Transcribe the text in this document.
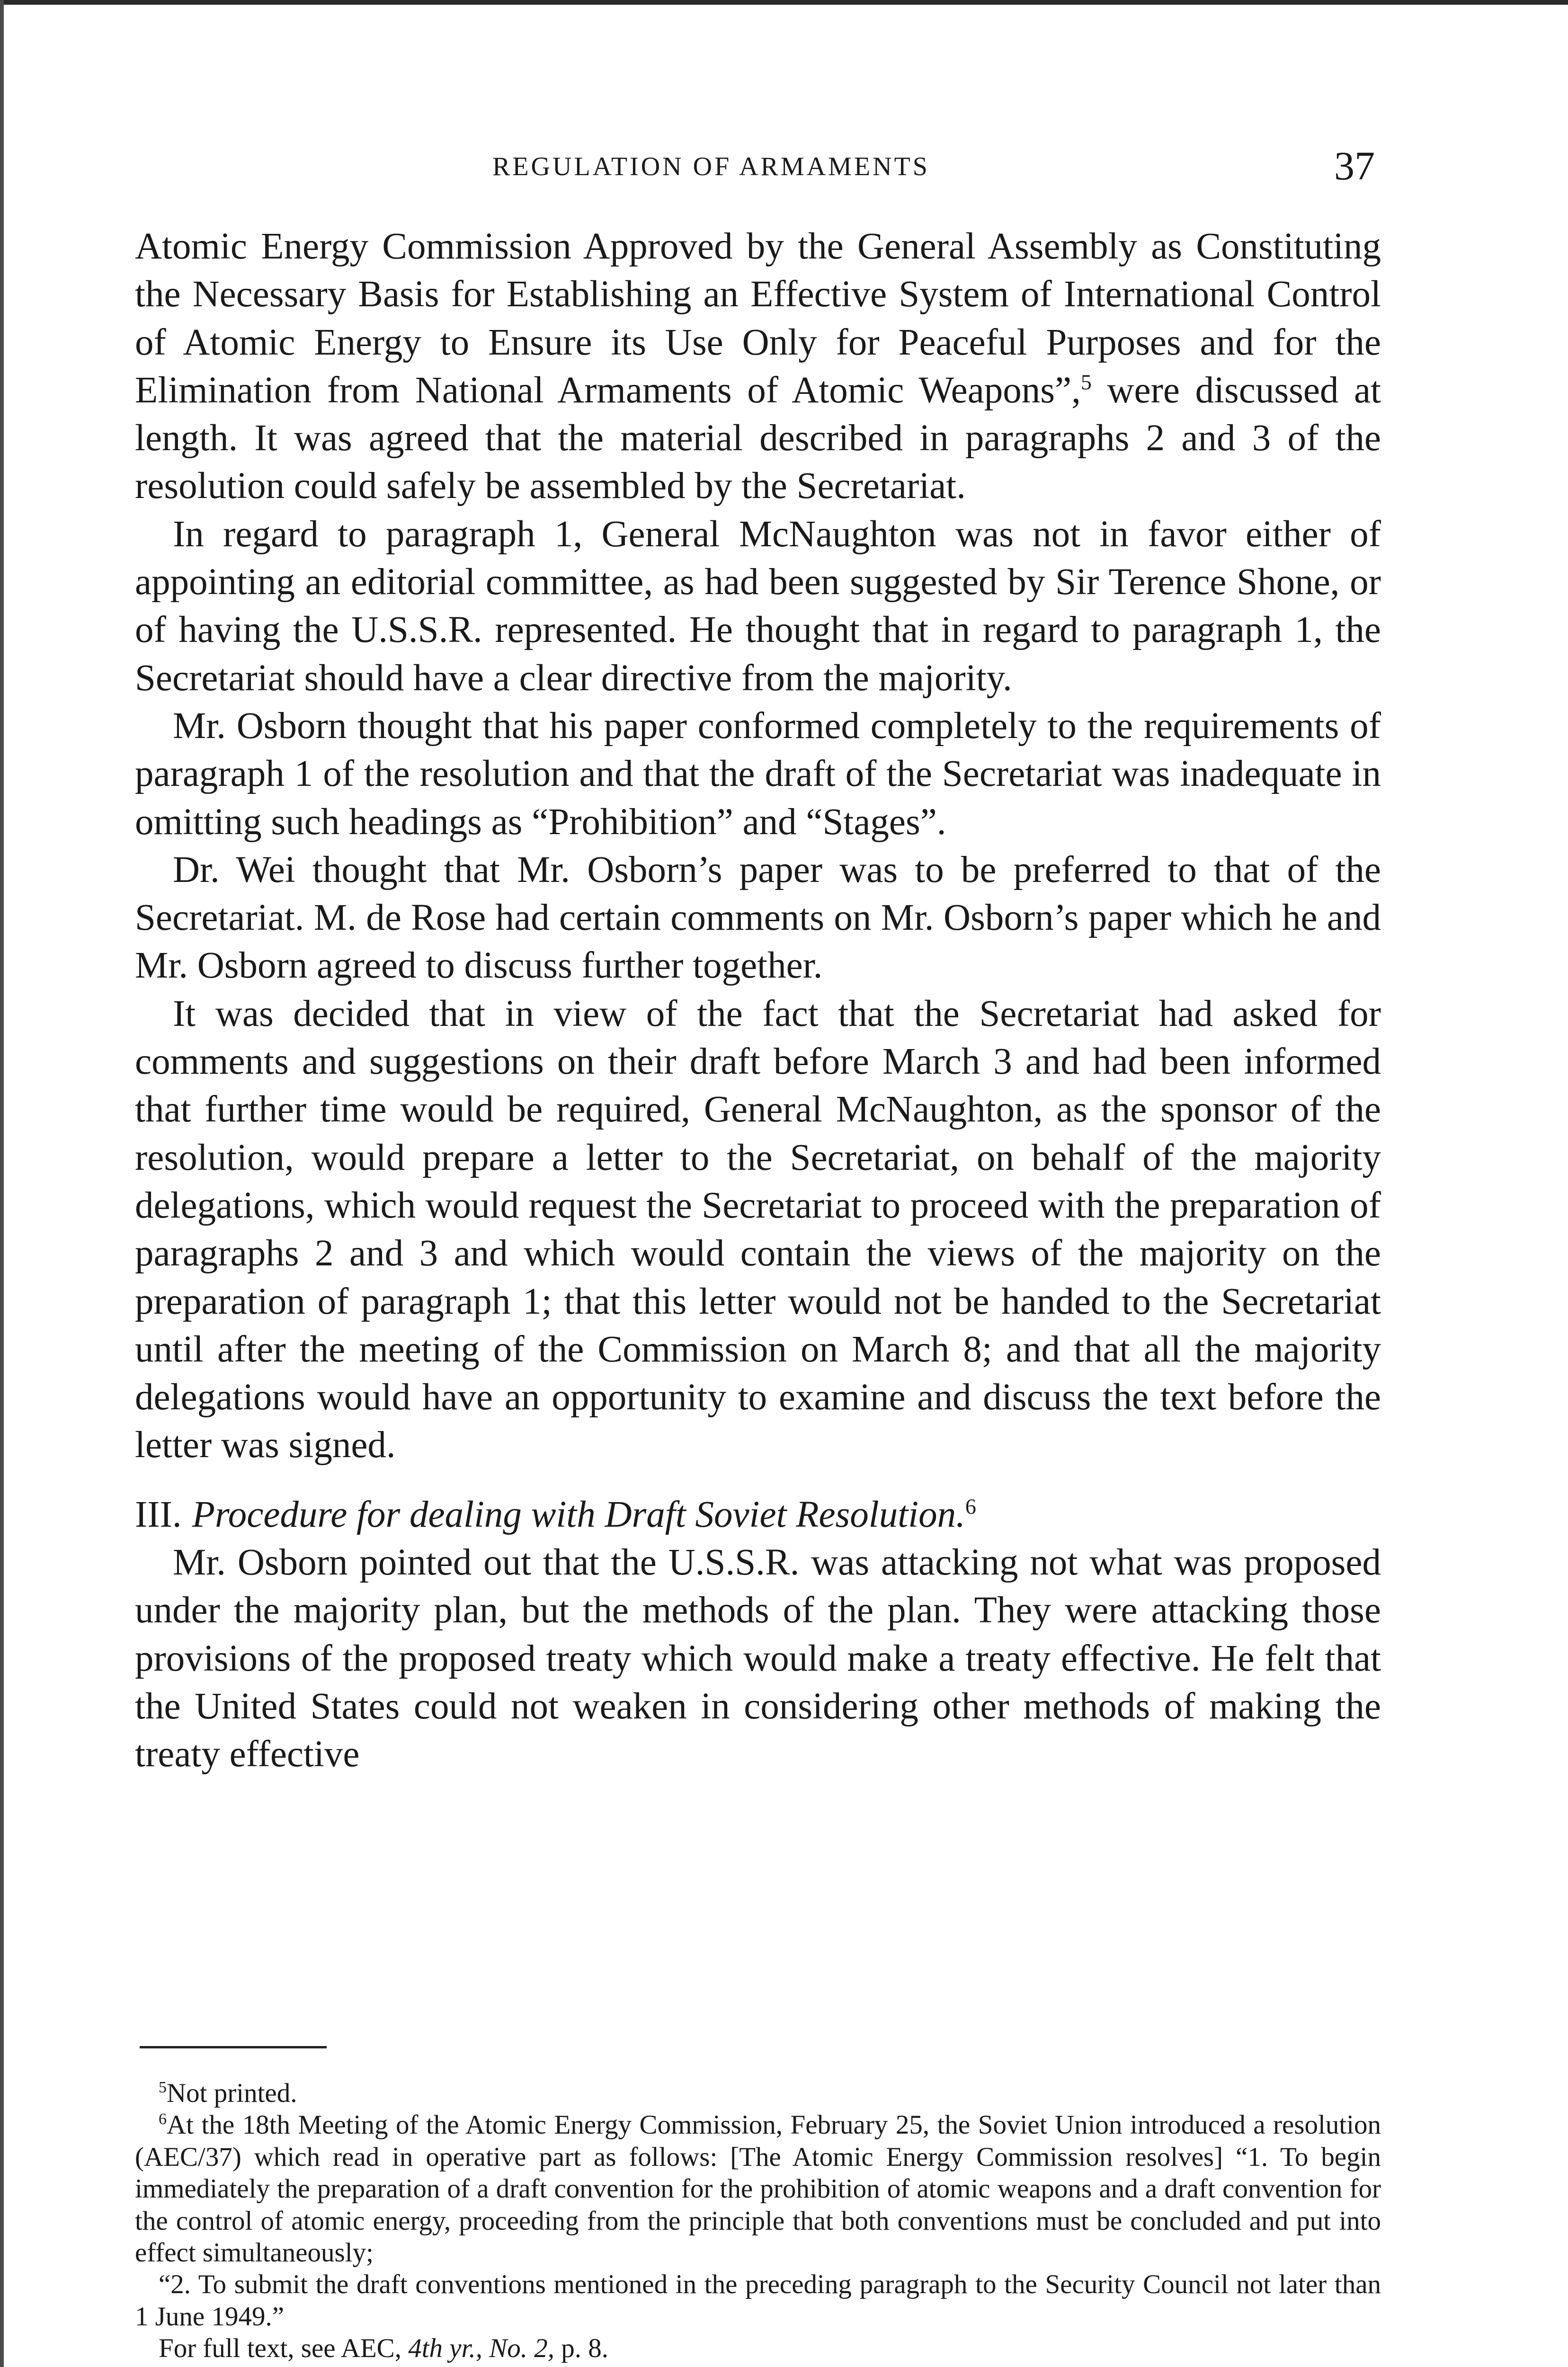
REGULATION OF ARMAMENTS	37

Atomic Energy Commission Approved by the General Assembly as Constituting the Necessary Basis for Establishing an Effective System of International Control of Atomic Energy to Ensure its Use Only for Peaceful Purposes and for the Elimination from National Armaments of Atomic Weapons”,$^5$ were discussed at length. It was agreed that the material described in paragraphs 2 and 3 of the resolution could safely be assembled by the Secretariat.

In regard to paragraph 1, General McNaughton was not in favor either of appointing an editorial committee, as had been suggested by Sir Terence Shone, or of having the U.S.S.R. represented. He thought that in regard to paragraph 1, the Secretariat should have a clear directive from the majority.

Mr. Osborn thought that his paper conformed completely to the requirements of paragraph 1 of the resolution and that the draft of the Secretariat was inadequate in omitting such headings as “Prohibition” and “Stages”.

Dr. Wei thought that Mr. Osborn’s paper was to be preferred to that of the Secretariat. M. de Rose had certain comments on Mr. Osborn’s paper which he and Mr. Osborn agreed to discuss further together.

It was decided that in view of the fact that the Secretariat had asked for comments and suggestions on their draft before March 3 and had been informed that further time would be required, General McNaughton, as the sponsor of the resolution, would prepare a letter to the Secretariat, on behalf of the majority delegations, which would request the Secretariat to proceed with the preparation of paragraphs 2 and 3 and which would contain the views of the majority on the preparation of paragraph 1; that this letter would not be handed to the Secretariat until after the meeting of the Commission on March 8; and that all the majority delegations would have an opportunity to examine and discuss the text before the letter was signed.

III. Procedure for dealing with Draft Soviet Resolution.$^6$

Mr. Osborn pointed out that the U.S.S.R. was attacking not what was proposed under the majority plan, but the methods of the plan. They were attacking those provisions of the proposed treaty which would make a treaty effective. He felt that the United States could not weaken in considering other methods of making the treaty effective

$^5$Not printed.

$^6$At the 18th Meeting of the Atomic Energy Commission, February 25, the Soviet Union introduced a resolution (AEC/37) which read in operative part as follows: [The Atomic Energy Commission resolves] “1. To begin immediately the preparation of a draft convention for the prohibition of atomic weapons and a draft convention for the control of atomic energy, proceeding from the principle that both conventions must be concluded and put into effect simultaneously;

“2. To submit the draft conventions mentioned in the preceding paragraph to the Security Council not later than 1 June 1949.”

For full text, see AEC, 4th yr., No. 2, p. 8.
